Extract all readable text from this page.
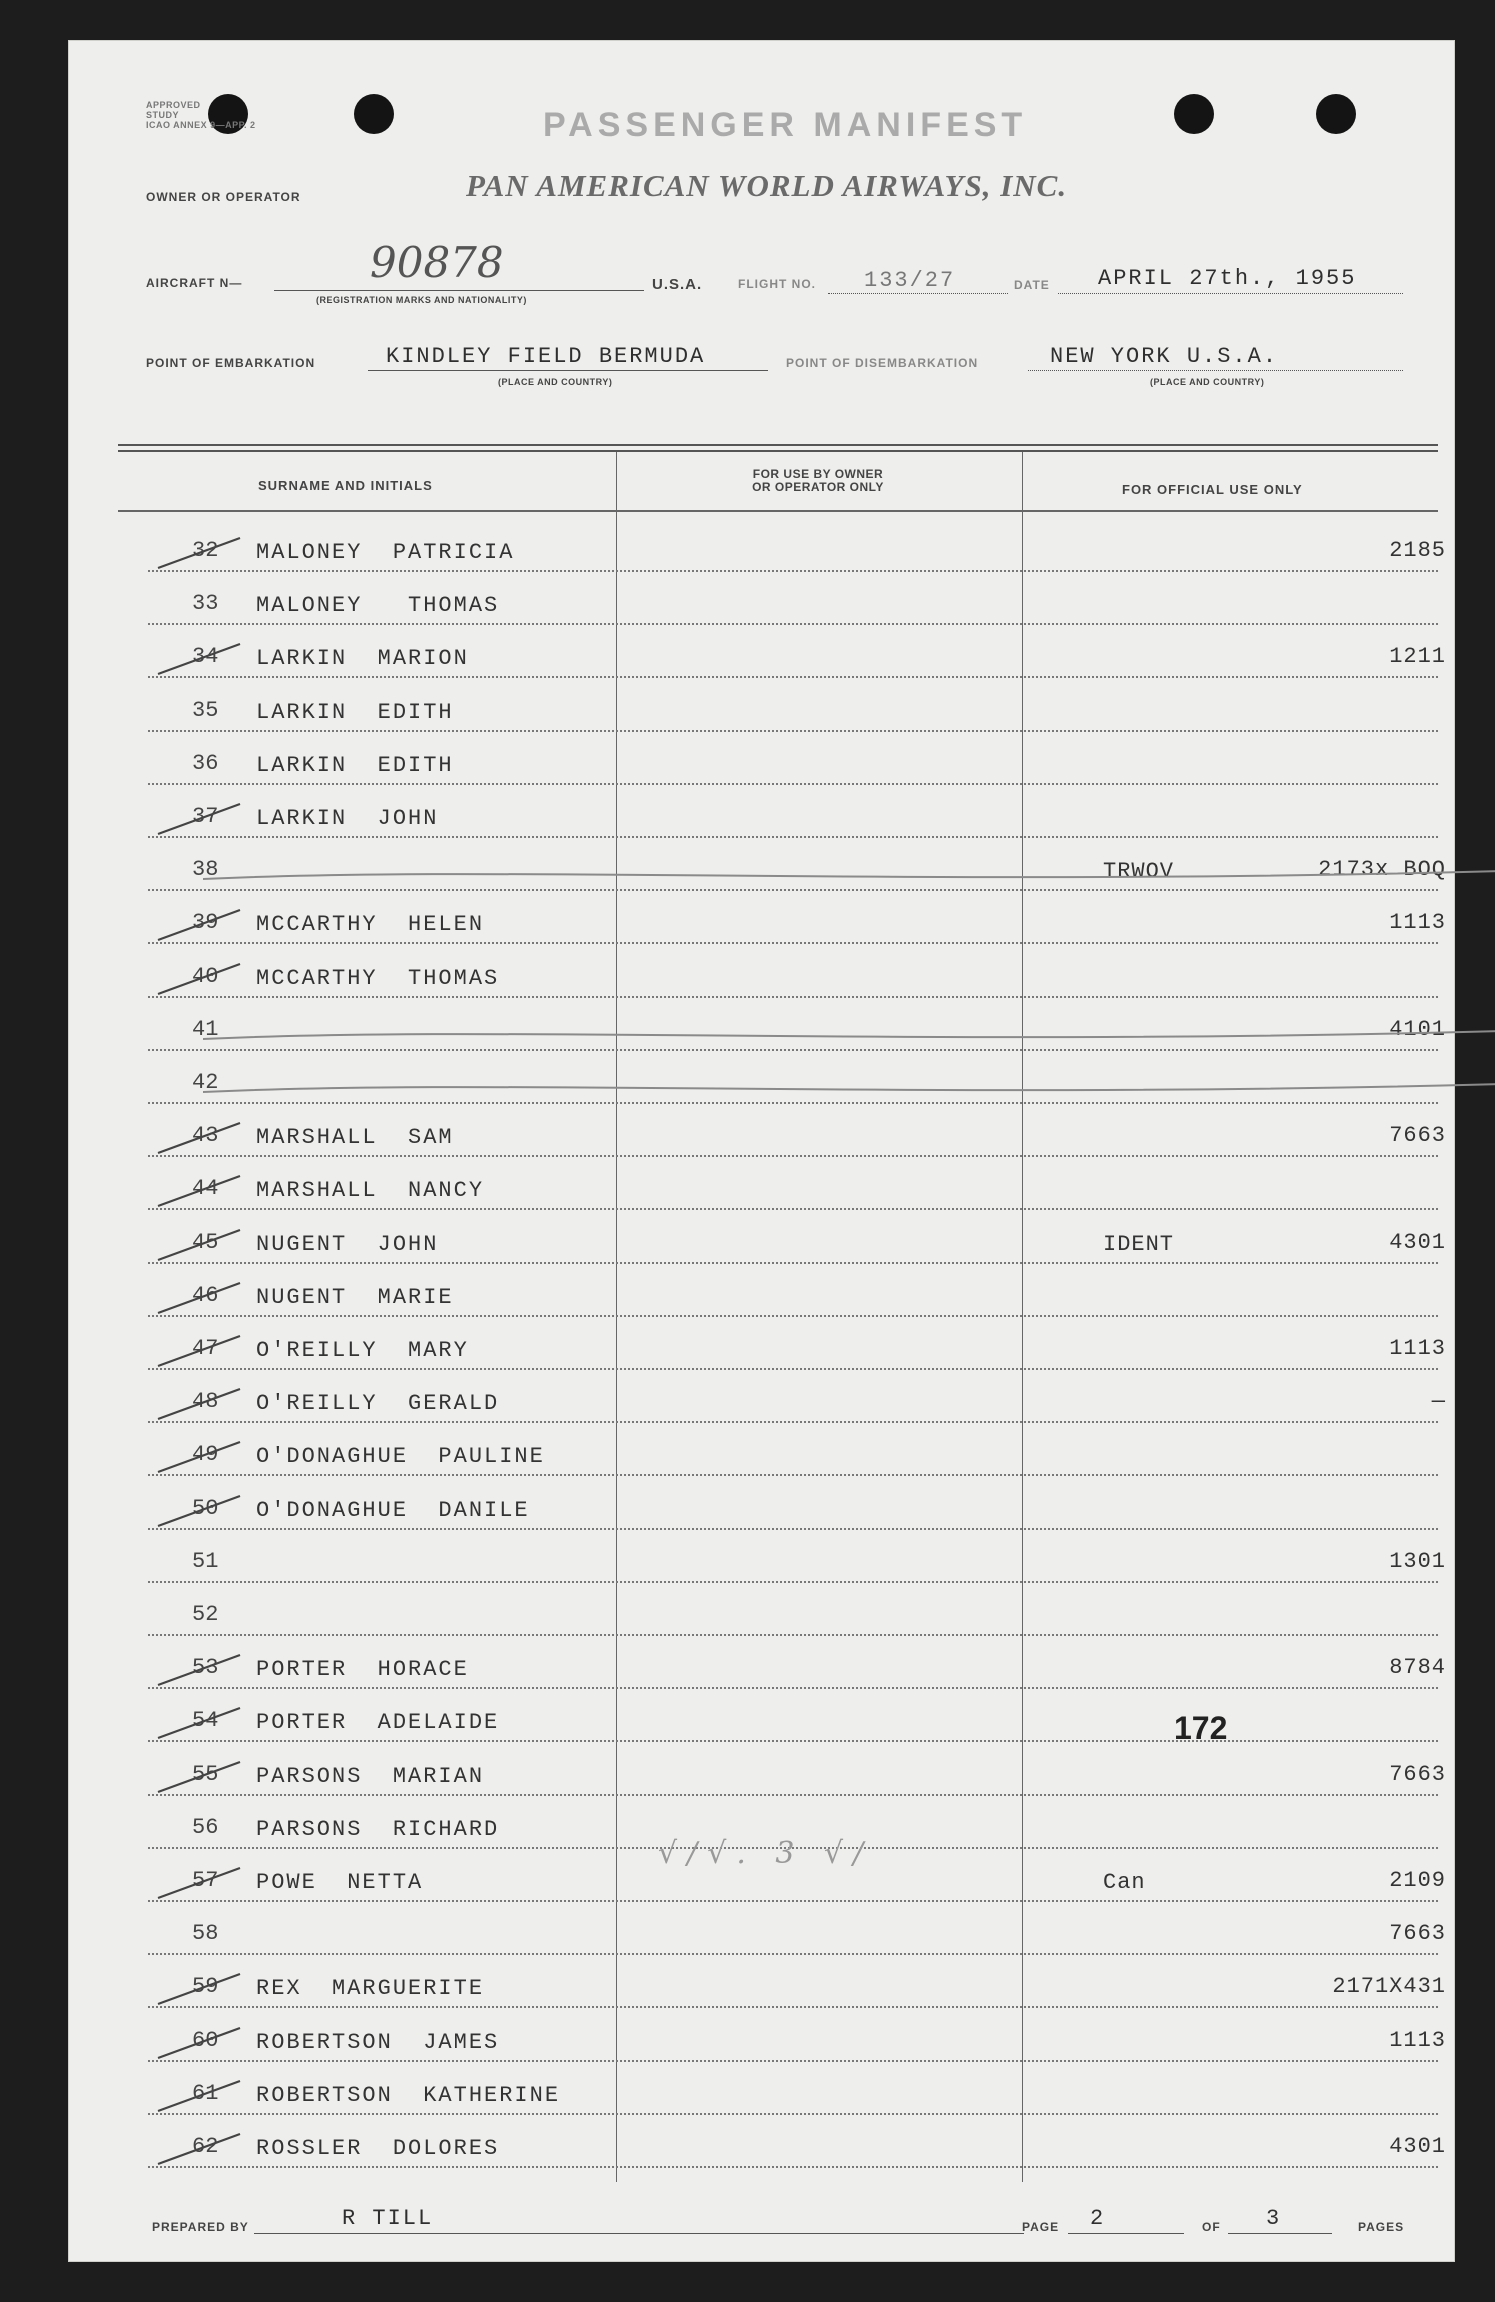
APPROVED
STUDY
ICAO ANNEX 9—APP. 2	PASSENGER MANIFEST
OWNER OR OPERATOR	PAN AMERICAN WORLD AIRWAYS, INC.
AIRCRAFT N—	90878
(REGISTRATION MARKS AND NATIONALITY)
U.S.A.	FLIGHT NO. 133/27	DATE APRIL 27th., 1955
POINT OF EMBARKATION	KINDLEY FIELD BERMUDA
(PLACE AND COUNTRY)
POINT OF DISEMBARKATION	NEW YORK U.S.A.
(PLACE AND COUNTRY)
SURNAME AND INITIALS
FOR USE BY OWNER
OR OPERATOR ONLY	FOR OFFICIAL USE ONLY
32 MALONEY  PATRICIA	2185
33 MALONEY   THOMAS
34 LARKIN  MARION	1211
35 LARKIN  EDITH
36 LARKIN  EDITH
37 LARKIN  JOHN
38	TRWOV	2173x BOQ
39 MCCARTHY  HELEN	1113
40 MCCARTHY  THOMAS
41	4101
42
43 MARSHALL  SAM	7663
44 MARSHALL  NANCY
45 NUGENT  JOHN	IDENT	4301
46 NUGENT  MARIE
47 O'REILLY  MARY	1113
48 O'REILLY  GERALD	—
49 O'DONAGHUE  PAULINE
50 O'DONAGHUE  DANILE
51	1301
52
53 PORTER  HORACE	8784
54 PORTER  ADELAIDE
55 PARSONS  MARIAN	7663
56 PARSONS  RICHARD
57 POWE  NETTA	Can	2109
58	7663
59 REX  MARGUERITE	2171X431
60 ROBERTSON  JAMES	1113
61 ROBERTSON  KATHERINE
62 ROSSLER  DOLORES	4301
√/√. 3 √/
172
PREPARED BY	R TILL	PAGE 2	OF 3	PAGES
